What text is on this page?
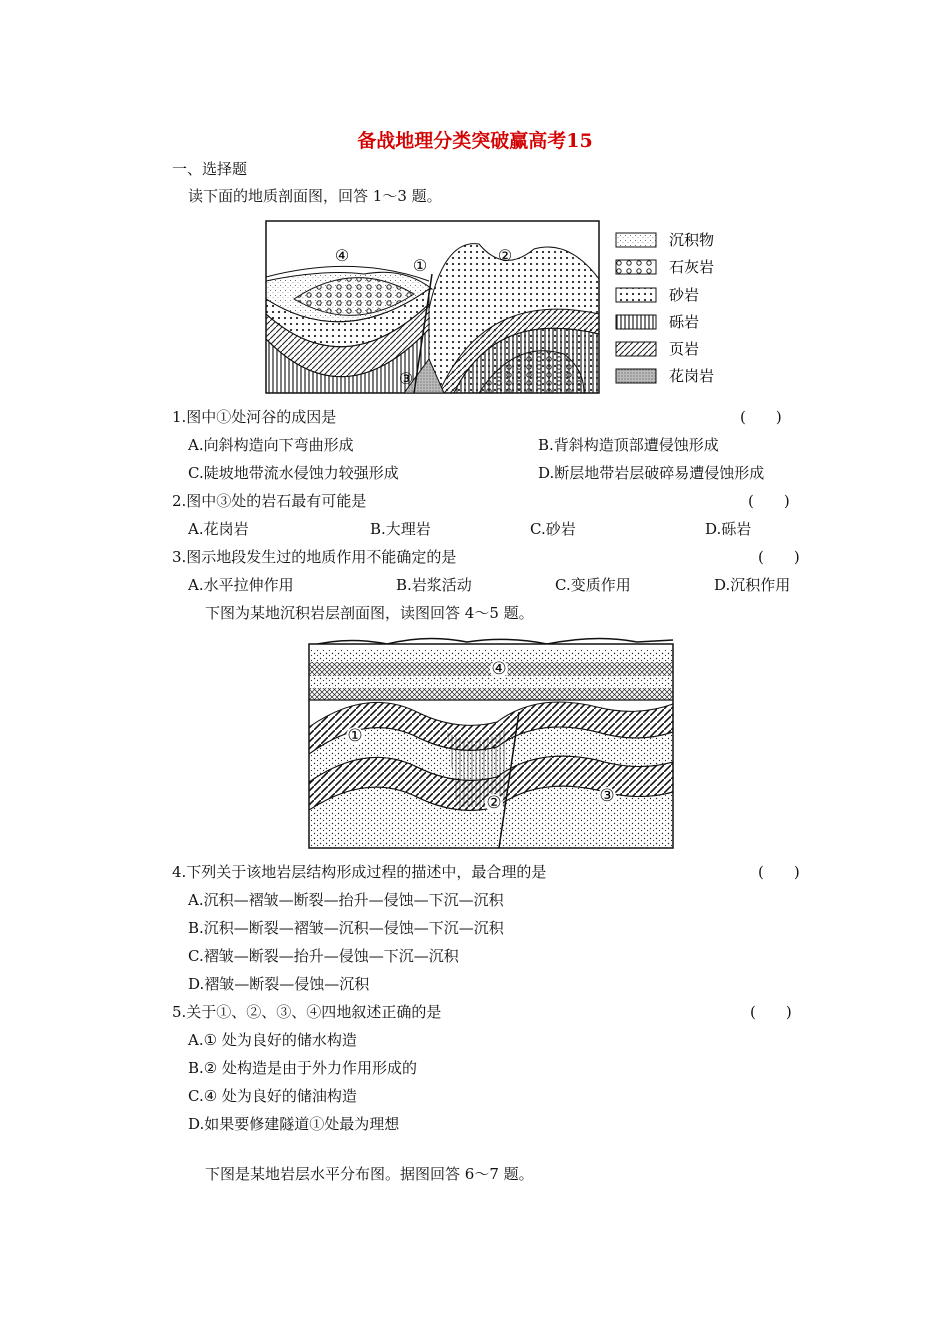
备战地理分类突破赢高考15
一、选择题
读下面的地质剖面图，回答 1～3 题。
④
①
②
③
沉积物
石灰岩
砂岩
砾岩
页岩
花岗岩
1.图中①处河谷的成因是	(　　)
A.向斜构造向下弯曲形成	B.背斜构造顶部遭侵蚀形成
C.陡坡地带流水侵蚀力较强形成	D.断层地带岩层破碎易遭侵蚀形成
2.图中③处的岩石最有可能是	(　　)
A.花岗岩	B.大理岩	C.砂岩	D.砾岩
3.图示地段发生过的地质作用不能确定的是	(　　)
A.水平拉伸作用	B.岩浆活动	C.变质作用	D.沉积作用
下图为某地沉积岩层剖面图，读图回答 4～5 题。
④
①
②	③
4.下列关于该地岩层结构形成过程的描述中，最合理的是	(　　)
A.沉积—褶皱—断裂—抬升—侵蚀—下沉—沉积
B.沉积—断裂—褶皱—沉积—侵蚀—下沉—沉积
C.褶皱—断裂—抬升—侵蚀—下沉—沉积
D.褶皱—断裂—侵蚀—沉积
5.关于①、②、③、④四地叙述正确的是	(　　)
A.① 处为良好的储水构造
B.② 处构造是由于外力作用形成的
C.④ 处为良好的储油构造
D.如果要修建隧道①处最为理想
下图是某地岩层水平分布图。据图回答 6～7 题。
